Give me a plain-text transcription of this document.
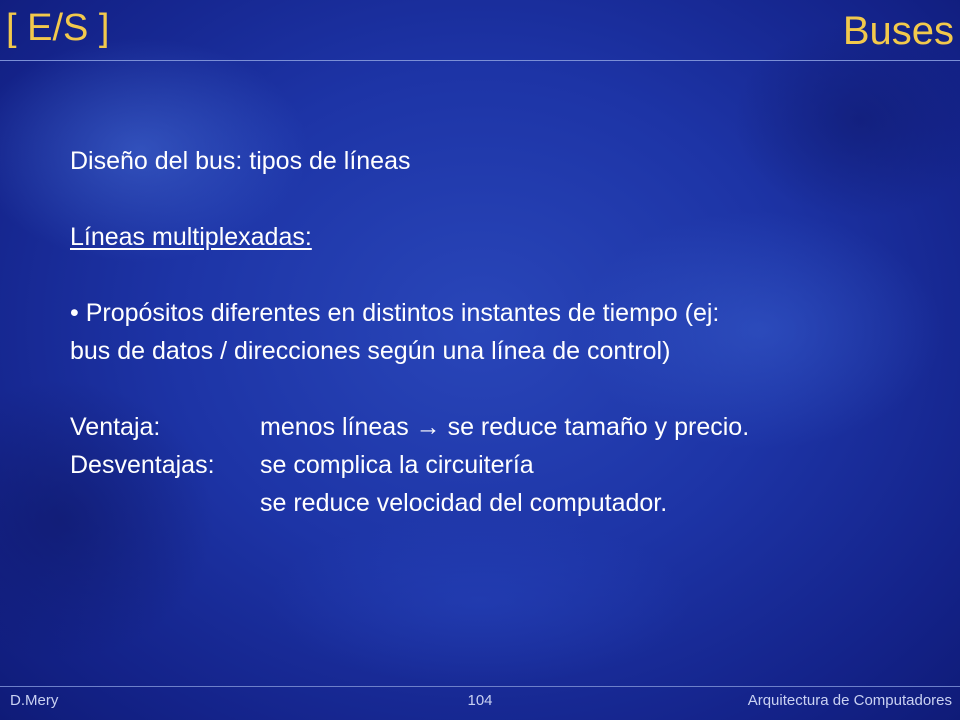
[ E/S ]	Buses
Diseño del bus: tipos de líneas
Líneas multiplexadas:
• Propósitos diferentes en distintos instantes de tiempo (ej:
bus de datos / direcciones según una línea de control)
Ventaja:	menos líneas → se reduce tamaño y precio.
Desventajas: se complica la circuitería
se reduce velocidad del computador.
D.Mery	104	Arquitectura de Computadores
